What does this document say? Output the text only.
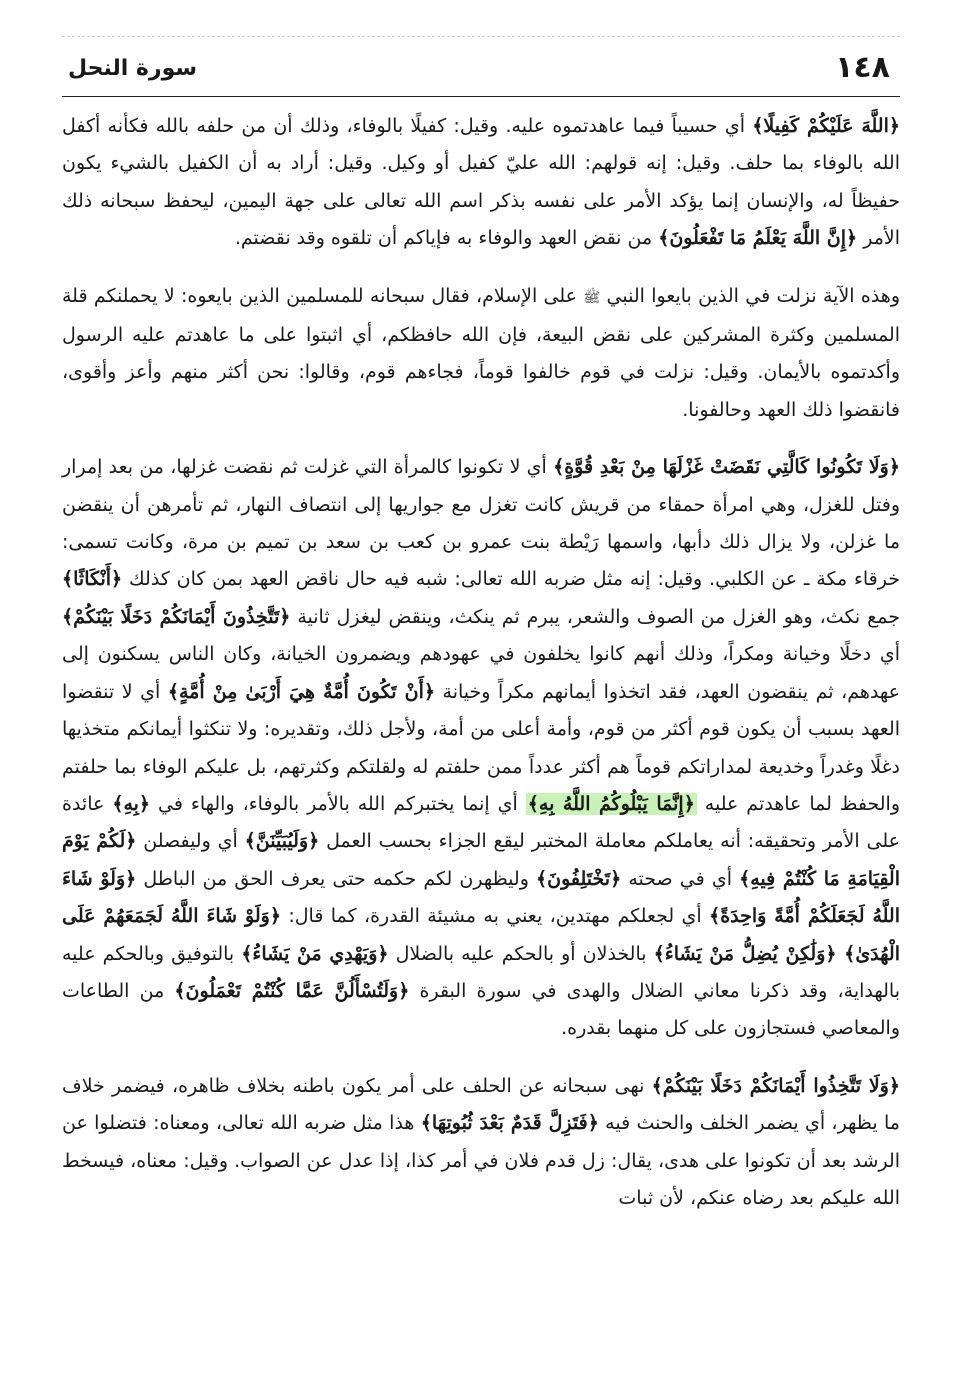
١٤٨
سورة النحل

﴿اللَّهَ عَلَيْكُمْ كَفِيلًا﴾ أي حسيباً فيما عاهدتموه عليه. وقيل: كفيلًا بالوفاء، وذلك أن من حلفه بالله فكأنه أكفل الله بالوفاء بما حلف. وقيل: إنه قولهم: الله عليّ كفيل أو وكيل. وقيل: أراد به أن الكفيل بالشيء يكون حفيظاً له، والإنسان إنما يؤكد الأمر على نفسه بذكر اسم الله تعالى على جهة اليمين، ليحفظ سبحانه ذلك الأمر ﴿إِنَّ اللَّهَ يَعْلَمُ مَا تَفْعَلُونَ﴾ من نقض العهد والوفاء به فإياكم أن تلقوه وقد نقضتم.

وهذه الآية نزلت في الذين بايعوا النبي ﷺ على الإسلام، فقال سبحانه للمسلمين الذين بايعوه: لا يحملنكم قلة المسلمين وكثرة المشركين على نقض البيعة، فإن الله حافظكم، أي اثبتوا على ما عاهدتم عليه الرسول وأكدتموه بالأيمان. وقيل: نزلت في قوم خالفوا قوماً، فجاءهم قوم، وقالوا: نحن أكثر منهم وأعز وأقوى، فانقضوا ذلك العهد وحالفونا.

﴿وَلَا تَكُونُوا كَالَّتِي نَقَضَتْ غَزْلَهَا مِنْ بَعْدِ قُوَّةٍ﴾ أي لا تكونوا كالمرأة التي غزلت ثم نقضت غزلها، من بعد إمرار وفتل للغزل، وهي امرأة حمقاء من قريش كانت تغزل مع جواريها إلى انتصاف النهار، ثم تأمرهن أن ينقضن ما غزلن، ولا يزال ذلك دأبها، واسمها رَيْطة بنت عمرو بن كعب بن سعد بن تميم بن مرة، وكانت تسمى: خرقاء مكة ـ عن الكلبي. وقيل: إنه مثل ضربه الله تعالى: شبه فيه حال ناقض العهد بمن كان كذلك ﴿أَنْكَاثًا﴾ جمع نكث، وهو الغزل من الصوف والشعر، يبرم ثم ينكث، وينقض ليغزل ثانية ﴿تَتَّخِذُونَ أَيْمَانَكُمْ دَخَلًا بَيْنَكُمْ﴾ أي دخلًا وخيانة ومكراً، وذلك أنهم كانوا يخلفون في عهودهم ويضمرون الخيانة، وكان الناس يسكنون إلى عهدهم، ثم ينقضون العهد، فقد اتخذوا أيمانهم مكراً وخيانة ﴿أَنْ تَكُونَ أُمَّةٌ هِيَ أَرْبَىٰ مِنْ أُمَّةٍ﴾ أي لا تنقضوا العهد بسبب أن يكون قوم أكثر من قوم، وأمة أعلى من أمة، ولأجل ذلك، وتقديره: ولا تنكثوا أيمانكم متخذيها دغلًا وغدراً وخديعة لمداراتكم قوماً هم أكثر عدداً ممن حلفتم له ولقلتكم وكثرتهم، بل عليكم الوفاء بما حلفتم والحفظ لما عاهدتم عليه ﴿إِنَّمَا يَبْلُوكُمُ اللَّهُ بِهِ﴾ أي إنما يختبركم الله بالأمر بالوفاء، والهاء في ﴿بِهِ﴾ عائدة على الأمر وتحقيقه: أنه يعاملكم معاملة المختبر ليقع الجزاء بحسب العمل ﴿وَلَيُبَيِّنَنَّ﴾ أي وليفصلن ﴿لَكُمْ يَوْمَ الْقِيَامَةِ مَا كُنْتُمْ فِيهِ﴾ أي في صحته ﴿تَخْتَلِفُونَ﴾ وليظهرن لكم حكمه حتى يعرف الحق من الباطل ﴿وَلَوْ شَاءَ اللَّهُ لَجَعَلَكُمْ أُمَّةً وَاحِدَةً﴾ أي لجعلكم مهتدين، يعني به مشيئة القدرة، كما قال: ﴿وَلَوْ شَاءَ اللَّهُ لَجَمَعَهُمْ عَلَى الْهُدَىٰ﴾ ﴿وَلَٰكِنْ يُضِلُّ مَنْ يَشَاءُ﴾ بالخذلان أو بالحكم عليه بالضلال ﴿وَيَهْدِي مَنْ يَشَاءُ﴾ بالتوفيق وبالحكم عليه بالهداية، وقد ذكرنا معاني الضلال والهدى في سورة البقرة ﴿وَلَتُسْأَلُنَّ عَمَّا كُنْتُمْ تَعْمَلُونَ﴾ من الطاعات والمعاصي فستجازون على كل منهما بقدره.

﴿وَلَا تَتَّخِذُوا أَيْمَانَكُمْ دَخَلًا بَيْنَكُمْ﴾ نهى سبحانه عن الحلف على أمر يكون باطنه بخلاف ظاهره، فيضمر خلاف ما يظهر، أي يضمر الخلف والحنث فيه ﴿فَتَزِلَّ قَدَمٌ بَعْدَ ثُبُوتِهَا﴾ هذا مثل ضربه الله تعالى، ومعناه: فتضلوا عن الرشد بعد أن تكونوا على هدى، يقال: زل قدم فلان في أمر كذا، إذا عدل عن الصواب. وقيل: معناه، فيسخط الله عليكم بعد رضاه عنكم، لأن ثبات
